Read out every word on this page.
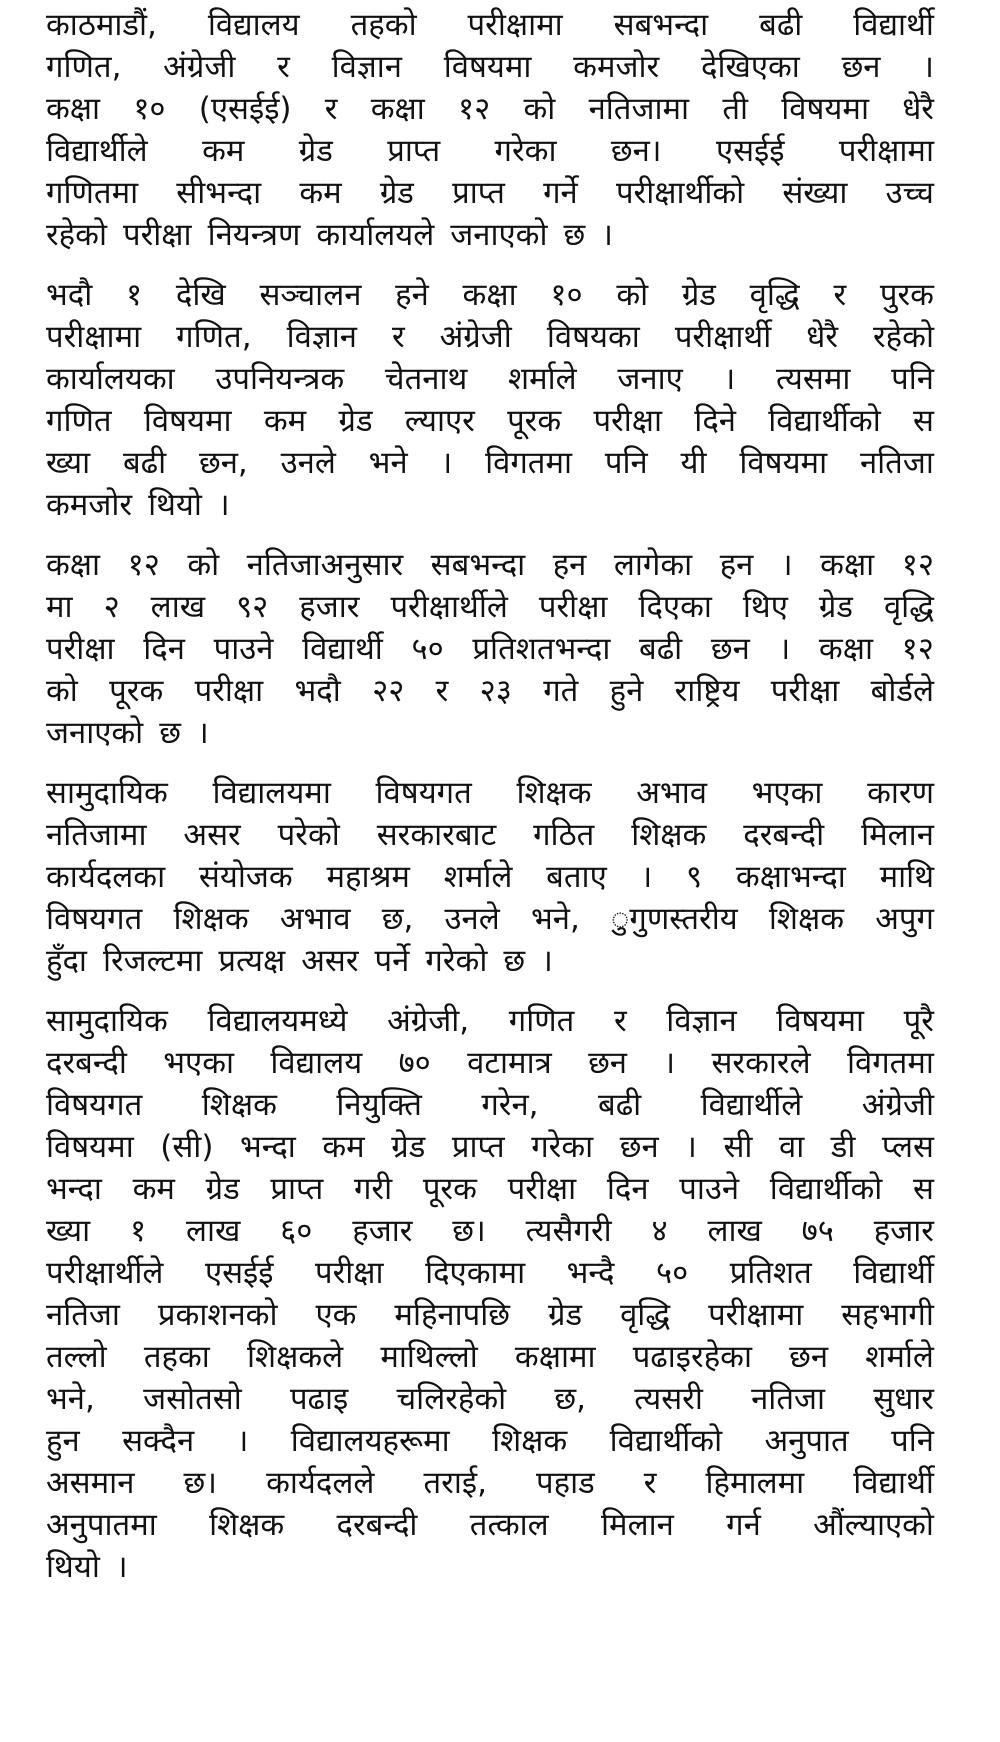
काठमाडौं, विद्यालय तहको परीक्षामा सबभन्दा बढी विद्यार्थी
गणित, अंग्रेजी र विज्ञान विषयमा कमजोर देखिएका छन ।
कक्षा १० (एसईई) र कक्षा १२ को नतिजामा ती विषयमा धेरै
विद्यार्थीले कम ग्रेड प्राप्त गरेका छन। एसईई परीक्षामा
गणितमा सीभन्दा कम ग्रेड प्राप्त गर्ने परीक्षार्थीको संख्या उच्च
रहेको परीक्षा नियन्त्रण कार्यालयले जनाएको छ ।
भदौ १ देखि सञ्चालन हने कक्षा १० को ग्रेड वृद्धि र पुरक
परीक्षामा गणित, विज्ञान र अंग्रेजी विषयका परीक्षार्थी धेरै रहेको
कार्यालयका उपनियन्त्रक चेतनाथ शर्माले जनाए । त्यसमा पनि
गणित विषयमा कम ग्रेड ल्याएर पूरक परीक्षा दिने विद्यार्थीको स
ख्या बढी छन, उनले भने । विगतमा पनि यी विषयमा नतिजा
कमजोर थियो ।
कक्षा १२ को नतिजाअनुसार सबभन्दा हन लागेका हन । कक्षा १२
मा २ लाख ९२ हजार परीक्षार्थीले परीक्षा दिएका थिए ग्रेड वृद्धि
परीक्षा दिन पाउने विद्यार्थी ५० प्रतिशतभन्दा बढी छन । कक्षा १२
को पूरक परीक्षा भदौ २२ र २३ गते हुने राष्ट्रिय परीक्षा बोर्डले
जनाएको छ ।
सामुदायिक विद्यालयमा विषयगत शिक्षक अभाव भएका कारण
नतिजामा असर परेको सरकारबाट गठित शिक्षक दरबन्दी मिलान
कार्यदलका संयोजक महाश्रम शर्माले बताए । ९ कक्षाभन्दा माथि
विषयगत शिक्षक अभाव छ, उनले भने, ुगुणस्तरीय शिक्षक अपुग
हुँदा रिजल्टमा प्रत्यक्ष असर पर्ने गरेको छ ।
सामुदायिक विद्यालयमध्ये अंग्रेजी, गणित र विज्ञान विषयमा पूरै
दरबन्दी भएका विद्यालय ७० वटामात्र छन । सरकारले विगतमा
विषयगत शिक्षक नियुक्ति गरेन, बढी विद्यार्थीले अंग्रेजी
विषयमा (सी) भन्दा कम ग्रेड प्राप्त गरेका छन । सी वा डी प्लस
भन्दा कम ग्रेड प्राप्त गरी पूरक परीक्षा दिन पाउने विद्यार्थीको स
ख्या १ लाख ६० हजार छ। त्यसैगरी ४ लाख ७५ हजार
परीक्षार्थीले एसईई परीक्षा दिएकामा भन्दै ५० प्रतिशत विद्यार्थी
नतिजा प्रकाशनको एक महिनापछि ग्रेड वृद्धि परीक्षामा सहभागी
तल्लो तहका शिक्षकले माथिल्लो कक्षामा पढाइरहेका छन शर्माले
भने, जसोतसो पढाइ चलिरहेको छ, त्यसरी नतिजा सुधार
हुन सक्दैन । विद्यालयहरूमा शिक्षक विद्यार्थीको अनुपात पनि
असमान छ। कार्यदलले तराई, पहाड र हिमालमा विद्यार्थी
अनुपातमा शिक्षक दरबन्दी तत्काल मिलान गर्न औंल्याएको
थियो ।
